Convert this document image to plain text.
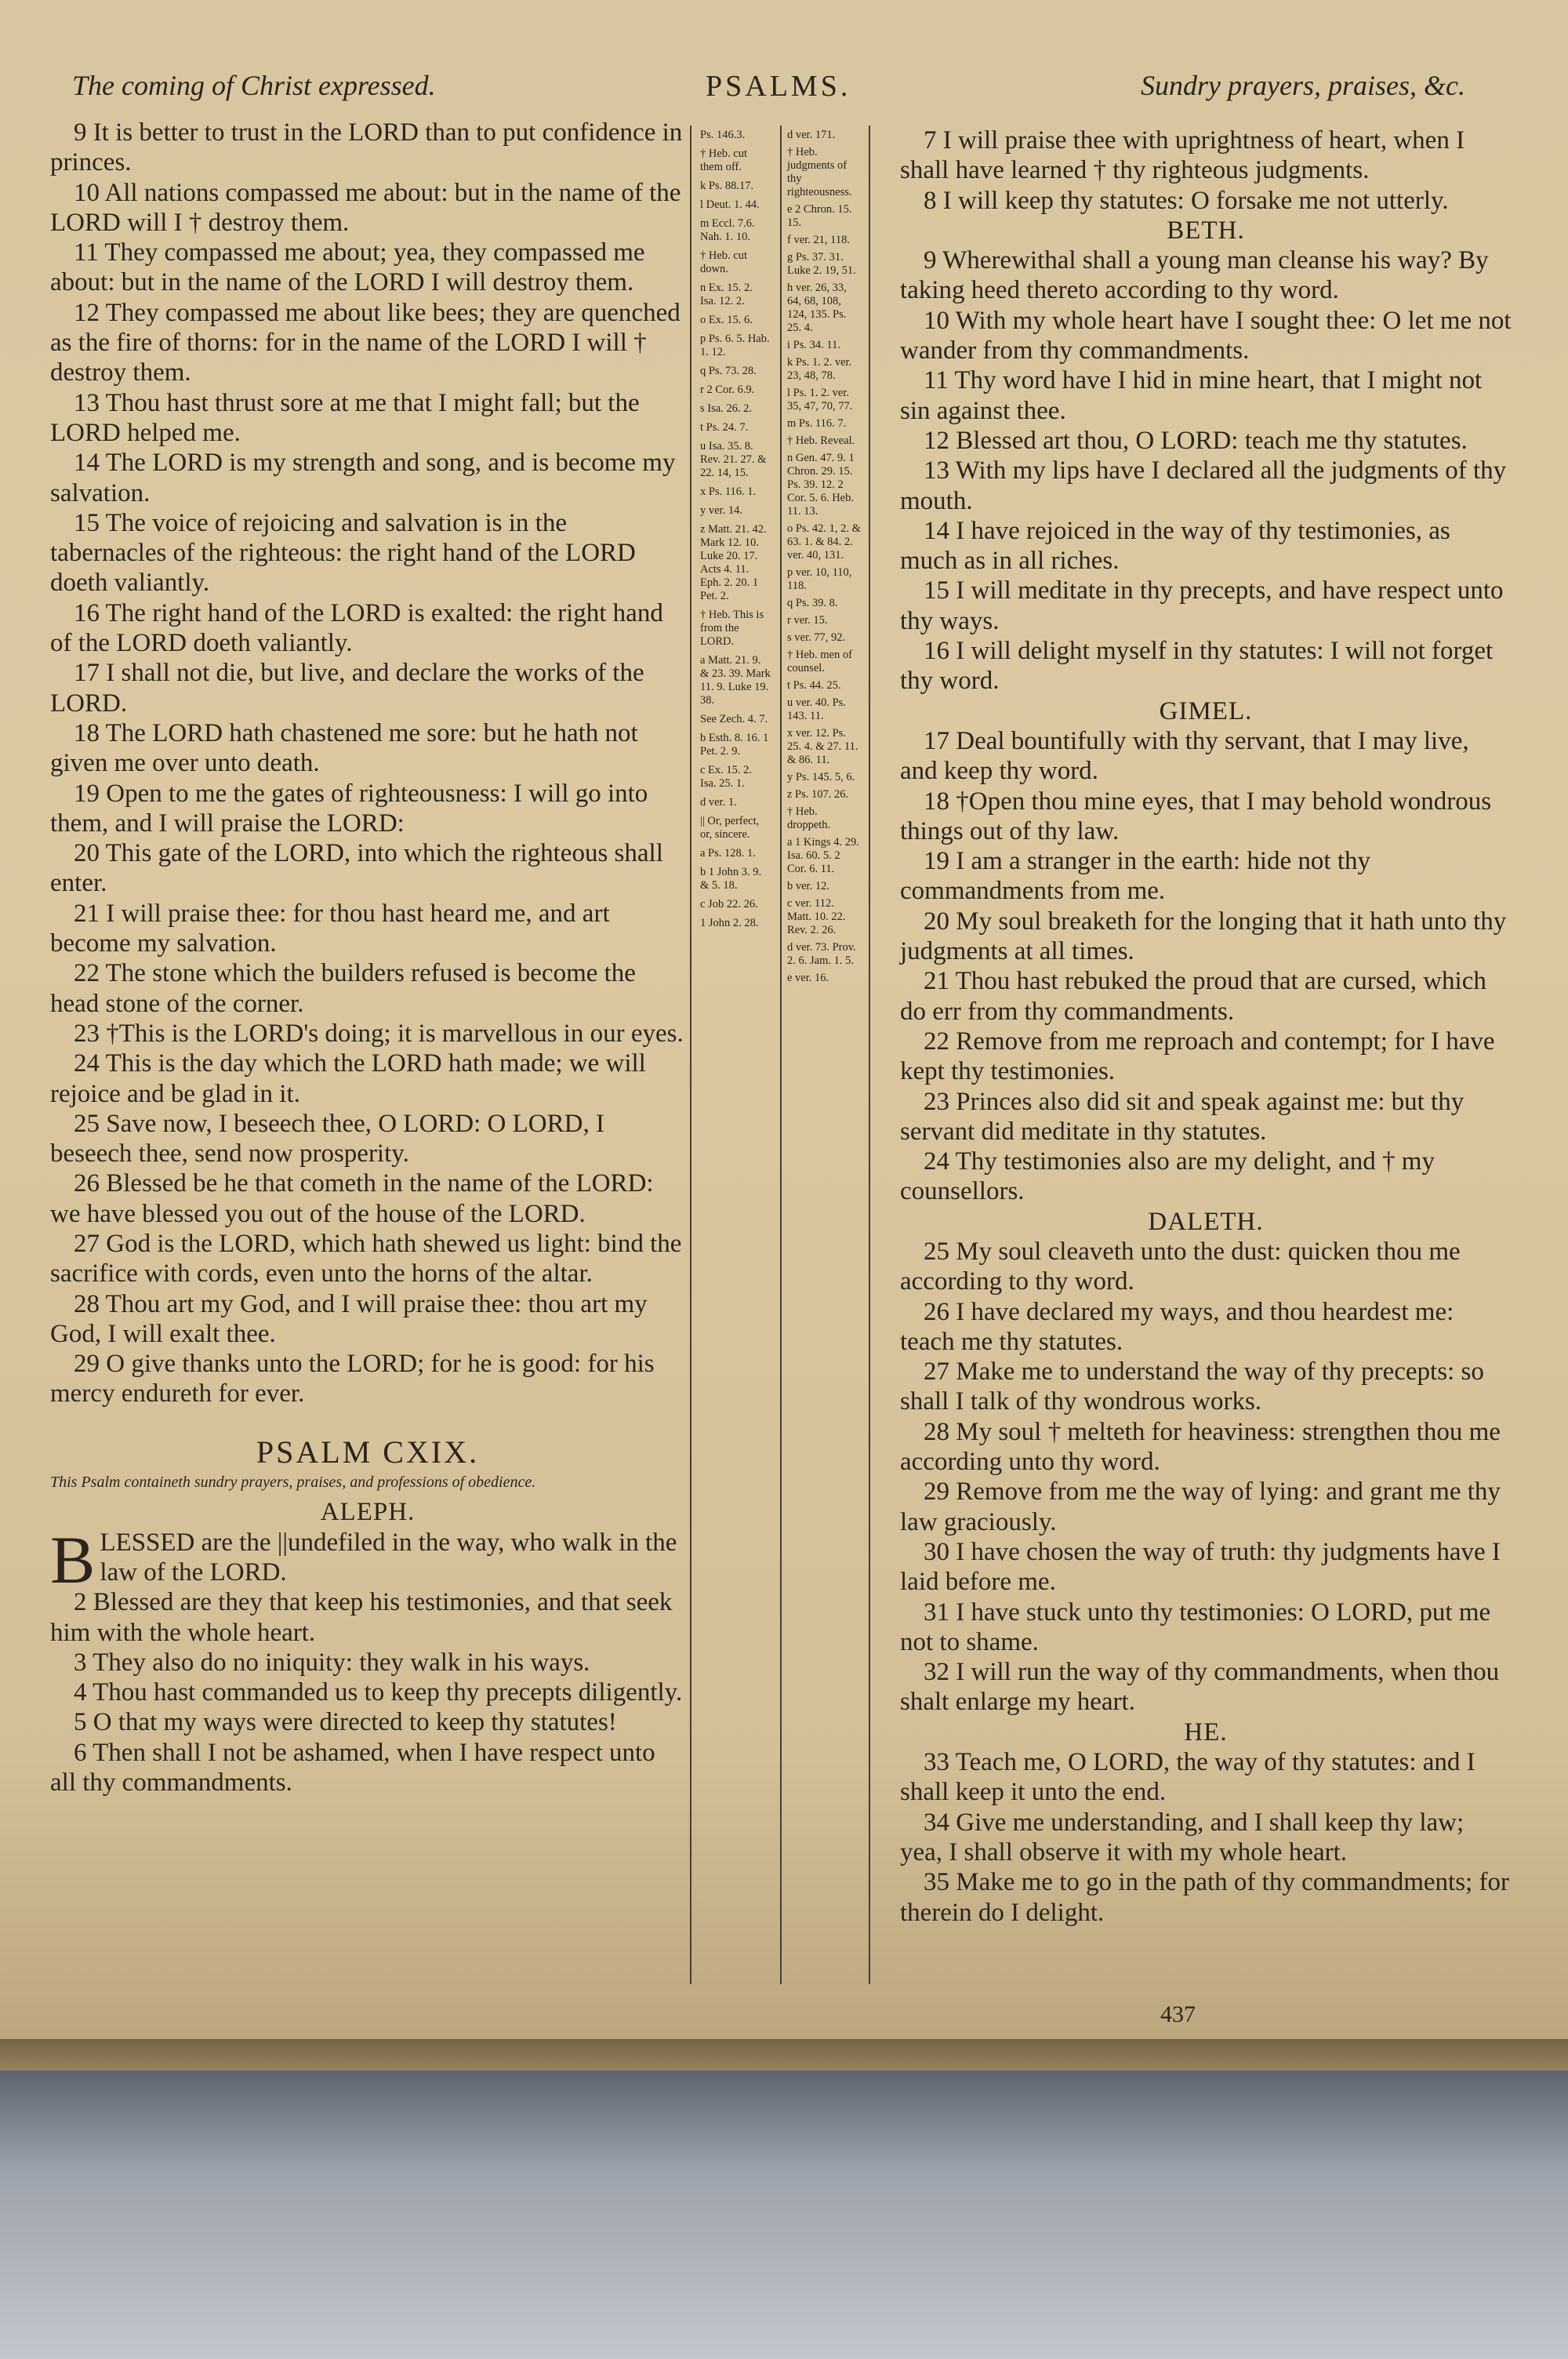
The coming of Christ expressed.	PSALMS.	Sundry prayers, praises, &c.

9 It is better to trust in the LORD than to put confidence in princes.

10 All nations compassed me about: but in the name of the LORD will I † destroy them.

11 They compassed me about; yea, they compassed me about: but in the name of the LORD I will destroy them.

12 They compassed me about like bees; they are quenched as the fire of thorns: for in the name of the LORD I will † destroy them.

13 Thou hast thrust sore at me that I might fall; but the LORD helped me.

14 The LORD is my strength and song, and is become my salvation.

15 The voice of rejoicing and salvation is in the tabernacles of the righteous: the right hand of the LORD doeth valiantly.

16 The right hand of the LORD is exalted: the right hand of the LORD doeth valiantly.

17 I shall not die, but live, and declare the works of the LORD.

18 The LORD hath chastened me sore: but he hath not given me over unto death.

19 Open to me the gates of righteousness: I will go into them, and I will praise the LORD:

20 This gate of the LORD, into which the righteous shall enter.

21 I will praise thee: for thou hast heard me, and art become my salvation.

22 The stone which the builders refused is become the head stone of the corner.

23 †This is the LORD's doing; it is marvellous in our eyes.

24 This is the day which the LORD hath made; we will rejoice and be glad in it.

25 Save now, I beseech thee, O LORD: O LORD, I beseech thee, send now prosperity.

26 Blessed be he that cometh in the name of the LORD: we have blessed you out of the house of the LORD.

27 God is the LORD, which hath shewed us light: bind the sacrifice with cords, even unto the horns of the altar.

28 Thou art my God, and I will praise thee: thou art my God, I will exalt thee.

29 O give thanks unto the LORD; for he is good: for his mercy endureth for ever.

PSALM CXIX.

This Psalm containeth sundry prayers, praises, and professions of obedience.

ALEPH.

BLESSED are the ||undefiled in the way, who walk in the law of the LORD.

2 Blessed are they that keep his testimonies, and that seek him with the whole heart.

3 They also do no iniquity: they walk in his ways.

4 Thou hast commanded us to keep thy precepts diligently.

5 O that my ways were directed to keep thy statutes!

6 Then shall I not be ashamed, when I have respect unto all thy commandments.

Ps. 146.3.
† Heb. cut them off.
k Ps. 88.17.
l Deut. 1. 44.
m Eccl. 7.6. Nah. 1. 10.
† Heb. cut down.
n Ex. 15. 2. Isa. 12. 2.
o Ex. 15. 6.
p Ps. 6. 5. Hab. 1. 12.
q Ps. 73. 28.
r 2 Cor. 6.9.
s Isa. 26. 2.
t Ps. 24. 7.
u Isa. 35. 8. Rev. 21. 27. & 22. 14, 15.
x Ps. 116. 1.
y ver. 14.
z Matt. 21. 42. Mark 12. 10. Luke 20. 17. Acts 4. 11. Eph. 2. 20. 1 Pet. 2.
† Heb. This is from the LORD.
a Matt. 21. 9. & 23. 39. Mark 11. 9. Luke 19. 38.
See Zech. 4. 7.
b Esth. 8. 16. 1 Pet. 2. 9.
c Ex. 15. 2. Isa. 25. 1.
d ver. 1.
|| Or, perfect, or, sincere.
a Ps. 128. 1.
b 1 John 3. 9. & 5. 18.
c Job 22. 26.
1 John 2. 28.
d ver. 171.
† Heb. judgments of thy righteousness.
e 2 Chron. 15. 15.
f ver. 21, 118.
g Ps. 37. 31. Luke 2. 19, 51.
h ver. 26, 33, 64, 68, 108, 124, 135. Ps. 25. 4.
i Ps. 34. 11.
k Ps. 1. 2. ver. 23, 48, 78.
l Ps. 1. 2. ver. 35, 47, 70, 77.
m Ps. 116. 7.
† Heb. Reveal.
n Gen. 47. 9. 1 Chron. 29. 15. Ps. 39. 12. 2 Cor. 5. 6. Heb. 11. 13.
o Ps. 42. 1, 2. & 63. 1. & 84. 2. ver. 40, 131.
p ver. 10, 110, 118.
q Ps. 39. 8.
r ver. 15.
s ver. 77, 92.
† Heb. men of counsel.
t Ps. 44. 25.
u ver. 40. Ps. 143. 11.
x ver. 12. Ps. 25. 4. & 27. 11. & 86. 11.
y Ps. 145. 5, 6.
z Ps. 107. 26.
† Heb. droppeth.
a 1 Kings 4. 29. Isa. 60. 5. 2 Cor. 6. 11.
b ver. 12.
c ver. 112. Matt. 10. 22. Rev. 2. 26.
d ver. 73. Prov. 2. 6. Jam. 1. 5.
e ver. 16.

7 I will praise thee with uprightness of heart, when I shall have learned † thy righteous judgments.

8 I will keep thy statutes: O forsake me not utterly.

BETH.

9 Wherewithal shall a young man cleanse his way? By taking heed thereto according to thy word.

10 With my whole heart have I sought thee: O let me not wander from thy commandments.

11 Thy word have I hid in mine heart, that I might not sin against thee.

12 Blessed art thou, O LORD: teach me thy statutes.

13 With my lips have I declared all the judgments of thy mouth.

14 I have rejoiced in the way of thy testimonies, as much as in all riches.

15 I will meditate in thy precepts, and have respect unto thy ways.

16 I will delight myself in thy statutes: I will not forget thy word.

GIMEL.

17 Deal bountifully with thy servant, that I may live, and keep thy word.

18 †Open thou mine eyes, that I may behold wondrous things out of thy law.

19 I am a stranger in the earth: hide not thy commandments from me.

20 My soul breaketh for the longing that it hath unto thy judgments at all times.

21 Thou hast rebuked the proud that are cursed, which do err from thy commandments.

22 Remove from me reproach and contempt; for I have kept thy testimonies.

23 Princes also did sit and speak against me: but thy servant did meditate in thy statutes.

24 Thy testimonies also are my delight, and † my counsellors.

DALETH.

25 My soul cleaveth unto the dust: quicken thou me according to thy word.

26 I have declared my ways, and thou heardest me: teach me thy statutes.

27 Make me to understand the way of thy precepts: so shall I talk of thy wondrous works.

28 My soul † melteth for heaviness: strengthen thou me according unto thy word.

29 Remove from me the way of lying: and grant me thy law graciously.

30 I have chosen the way of truth: thy judgments have I laid before me.

31 I have stuck unto thy testimonies: O LORD, put me not to shame.

32 I will run the way of thy commandments, when thou shalt enlarge my heart.

HE.

33 Teach me, O LORD, the way of thy statutes: and I shall keep it unto the end.

34 Give me understanding, and I shall keep thy law; yea, I shall observe it with my whole heart.

35 Make me to go in the path of thy commandments; for therein do I delight.

437
